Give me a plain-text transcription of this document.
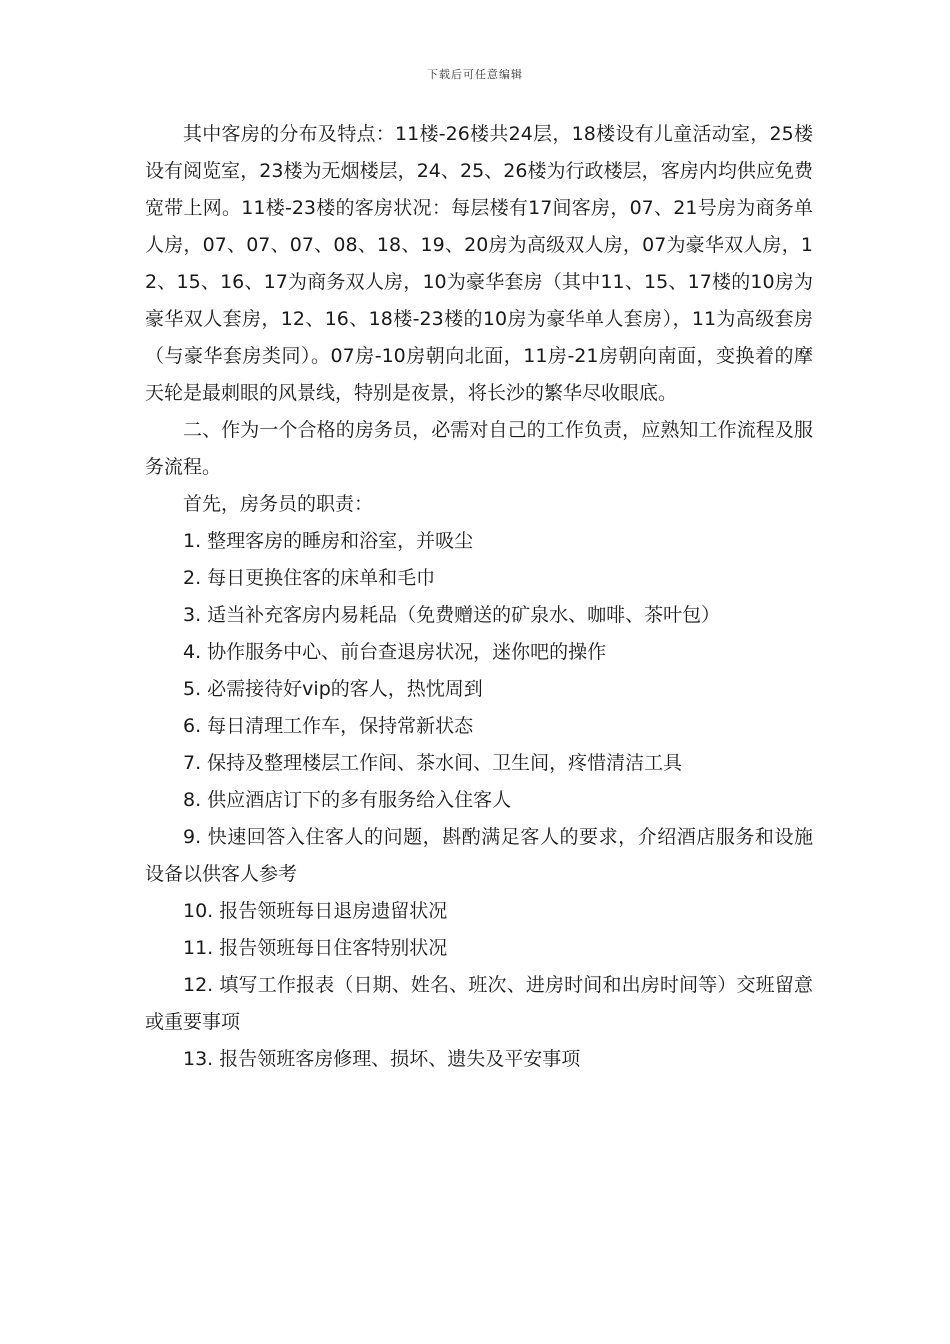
下载后可任意编辑

其中客房的分布及特点：11楼-26楼共24层，18楼设有儿童活动室，25楼设有阅览室，23楼为无烟楼层，24、25、26楼为行政楼层，客房内均供应免费宽带上网。11楼-23楼的客房状况：每层楼有17间客房，07、21号房为商务单人房，07、07、07、08、18、19、20房为高级双人房，07为豪华双人房，12、15、16、17为商务双人房，10为豪华套房（其中11、15、17楼的10房为豪华双人套房，12、16、18楼-23楼的10房为豪华单人套房），11为高级套房（与豪华套房类同）。07房-10房朝向北面，11房-21房朝向南面，变换着的摩天轮是最刺眼的风景线，特别是夜景，将长沙的繁华尽收眼底。

二、作为一个合格的房务员，必需对自己的工作负责，应熟知工作流程及服务流程。

首先，房务员的职责：

1. 整理客房的睡房和浴室，并吸尘

2. 每日更换住客的床单和毛巾

3. 适当补充客房内易耗品（免费赠送的矿泉水、咖啡、茶叶包）

4. 协作服务中心、前台查退房状况，迷你吧的操作

5. 必需接待好vip的客人，热忱周到

6. 每日清理工作车，保持常新状态

7. 保持及整理楼层工作间、茶水间、卫生间，疼惜清洁工具

8. 供应酒店订下的多有服务给入住客人

9. 快速回答入住客人的问题，斟酌满足客人的要求，介绍酒店服务和设施设备以供客人参考

10. 报告领班每日退房遗留状况

11. 报告领班每日住客特别状况

12. 填写工作报表（日期、姓名、班次、进房时间和出房时间等）交班留意或重要事项

13. 报告领班客房修理、损坏、遗失及平安事项
